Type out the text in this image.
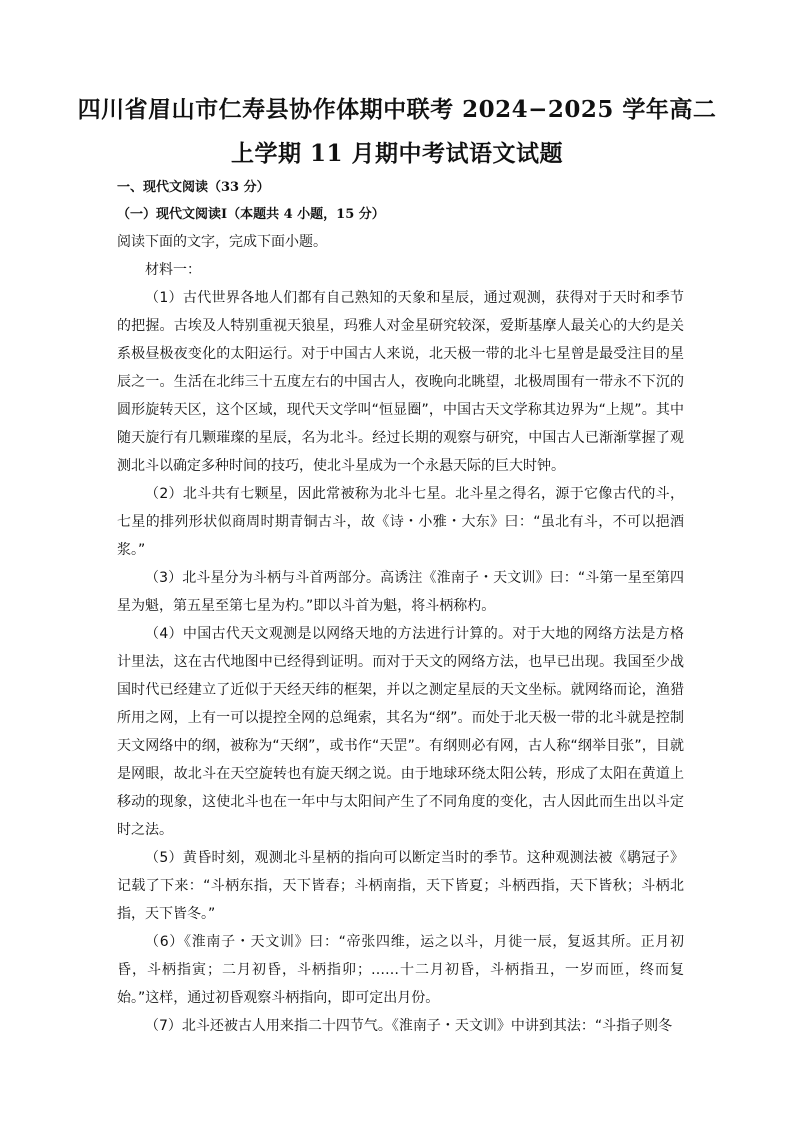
四川省眉山市仁寿县协作体期中联考 2024−2025 学年高二
上学期 11 月期中考试语文试题
一、现代文阅读（33 分）
（一）现代文阅读Ⅰ（本题共 4 小题，15 分）

阅读下面的文字，完成下面小题。

材料一：

（1）古代世界各地人们都有自己熟知的天象和星辰，通过观测，获得对于天时和季节的把握。古埃及人特别重视天狼星，玛雅人对金星研究较深，爱斯基摩人最关心的大约是关系极昼极夜变化的太阳运行。对于中国古人来说，北天极一带的北斗七星曾是最受注目的星辰之一。生活在北纬三十五度左右的中国古人，夜晚向北眺望，北极周围有一带永不下沉的圆形旋转天区，这个区域，现代天文学叫“恒显圈”，中国古天文学称其边界为“上规”。其中随天旋行有几颗璀璨的星辰，名为北斗。经过长期的观察与研究，中国古人已渐渐掌握了观测北斗以确定多种时间的技巧，使北斗星成为一个永悬天际的巨大时钟。

（2）北斗共有七颗星，因此常被称为北斗七星。北斗星之得名，源于它像古代的斗，七星的排列形状似商周时期青铜古斗，故《诗・小雅・大东》曰：“虽北有斗，不可以挹酒浆。”

（3）北斗星分为斗柄与斗首两部分。高诱注《淮南子・天文训》曰：“斗第一星至第四星为魁，第五星至第七星为杓。”即以斗首为魁，将斗柄称杓。

（4）中国古代天文观测是以网络天地的方法进行计算的。对于大地的网络方法是方格计里法，这在古代地图中已经得到证明。而对于天文的网络方法，也早已出现。我国至少战国时代已经建立了近似于天经天纬的框架，并以之测定星辰的天文坐标。就网络而论，渔猎所用之网，上有一可以提控全网的总绳索，其名为“纲”。而处于北天极一带的北斗就是控制天文网络中的纲，被称为“天纲”，或书作“天罡”。有纲则必有网，古人称“纲举目张”，目就是网眼，故北斗在天空旋转也有旋天纲之说。由于地球环绕太阳公转，形成了太阳在黄道上移动的现象，这使北斗也在一年中与太阳间产生了不同角度的变化，古人因此而生出以斗定时之法。

（5）黄昏时刻，观测北斗星柄的指向可以断定当时的季节。这种观测法被《鹖冠子》记载了下来：“斗柄东指，天下皆春；斗柄南指，天下皆夏；斗柄西指，天下皆秋；斗柄北指，天下皆冬。”

（6）《淮南子・天文训》曰：“帝张四维，运之以斗，月徙一辰，复返其所。正月初昏，斗柄指寅；二月初昏，斗柄指卯；……十二月初昏，斗柄指丑，一岁而匝，终而复始。”这样，通过初昏观察斗柄指向，即可定出月份。

（7）北斗还被古人用来指二十四节气。《淮南子・天文训》中讲到其法：“斗指子则冬
